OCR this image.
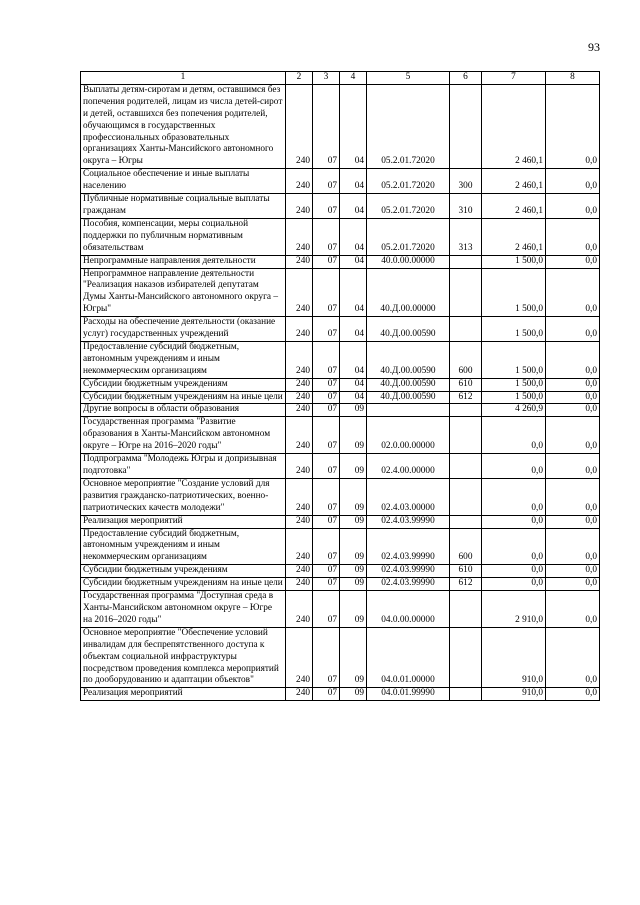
93
1	2	3	4	5	6	7	8
Выплаты детям-сиротам и детям, оставшимся без попечения родителей, лицам из числа детей-сирот и детей, оставшихся без попечения родителей, обучающимся в государственных профессиональных образовательных организациях Ханты-Мансийского автономного округа – Югры	240	07	04	05.2.01.72020		2 460,1	0,0
Социальное обеспечение и иные выплаты населению	240	07	04	05.2.01.72020	300	2 460,1	0,0
Публичные нормативные социальные выплаты гражданам	240	07	04	05.2.01.72020	310	2 460,1	0,0
Пособия, компенсации, меры социальной поддержки по публичным нормативным обязательствам	240	07	04	05.2.01.72020	313	2 460,1	0,0
Непрограммные направления деятельности	240	07	04	40.0.00.00000		1 500,0	0,0
Непрограммное направление деятельности "Реализация наказов избирателей депутатам Думы Ханты-Мансийского автономного округа – Югры"	240	07	04	40.Д.00.00000		1 500,0	0,0
Расходы на обеспечение деятельности (оказание услуг) государственных учреждений	240	07	04	40.Д.00.00590		1 500,0	0,0
Предоставление субсидий бюджетным, автономным учреждениям и иным некоммерческим организациям	240	07	04	40.Д.00.00590	600	1 500,0	0,0
Субсидии бюджетным учреждениям	240	07	04	40.Д.00.00590	610	1 500,0	0,0
Субсидии бюджетным учреждениям на иные цели	240	07	04	40.Д.00.00590	612	1 500,0	0,0
Другие вопросы в области образования	240	07	09			4 260,9	0,0
Государственная программа "Развитие образования в Ханты-Мансийском автономном округе – Югре на 2016–2020 годы"	240	07	09	02.0.00.00000		0,0	0,0
Подпрограмма "Молодежь Югры и допризывная подготовка"	240	07	09	02.4.00.00000		0,0	0,0
Основное мероприятие "Создание условий для развития гражданско-патриотических, военно-патриотических качеств молодежи"	240	07	09	02.4.03.00000		0,0	0,0
Реализация мероприятий	240	07	09	02.4.03.99990		0,0	0,0
Предоставление субсидий бюджетным, автономным учреждениям и иным некоммерческим организациям	240	07	09	02.4.03.99990	600	0,0	0,0
Субсидии бюджетным учреждениям	240	07	09	02.4.03.99990	610	0,0	0,0
Субсидии бюджетным учреждениям на иные цели	240	07	09	02.4.03.99990	612	0,0	0,0
Государственная программа "Доступная среда в Ханты-Мансийском автономном округе – Югре на 2016–2020 годы"	240	07	09	04.0.00.00000		2 910,0	0,0
Основное мероприятие "Обеспечение условий инвалидам для беспрепятственного доступа к объектам социальной инфраструктуры посредством проведения комплекса мероприятий по дооборудованию и адаптации объектов"	240	07	09	04.0.01.00000		910,0	0,0
Реализация мероприятий	240	07	09	04.0.01.99990		910,0	0,0
